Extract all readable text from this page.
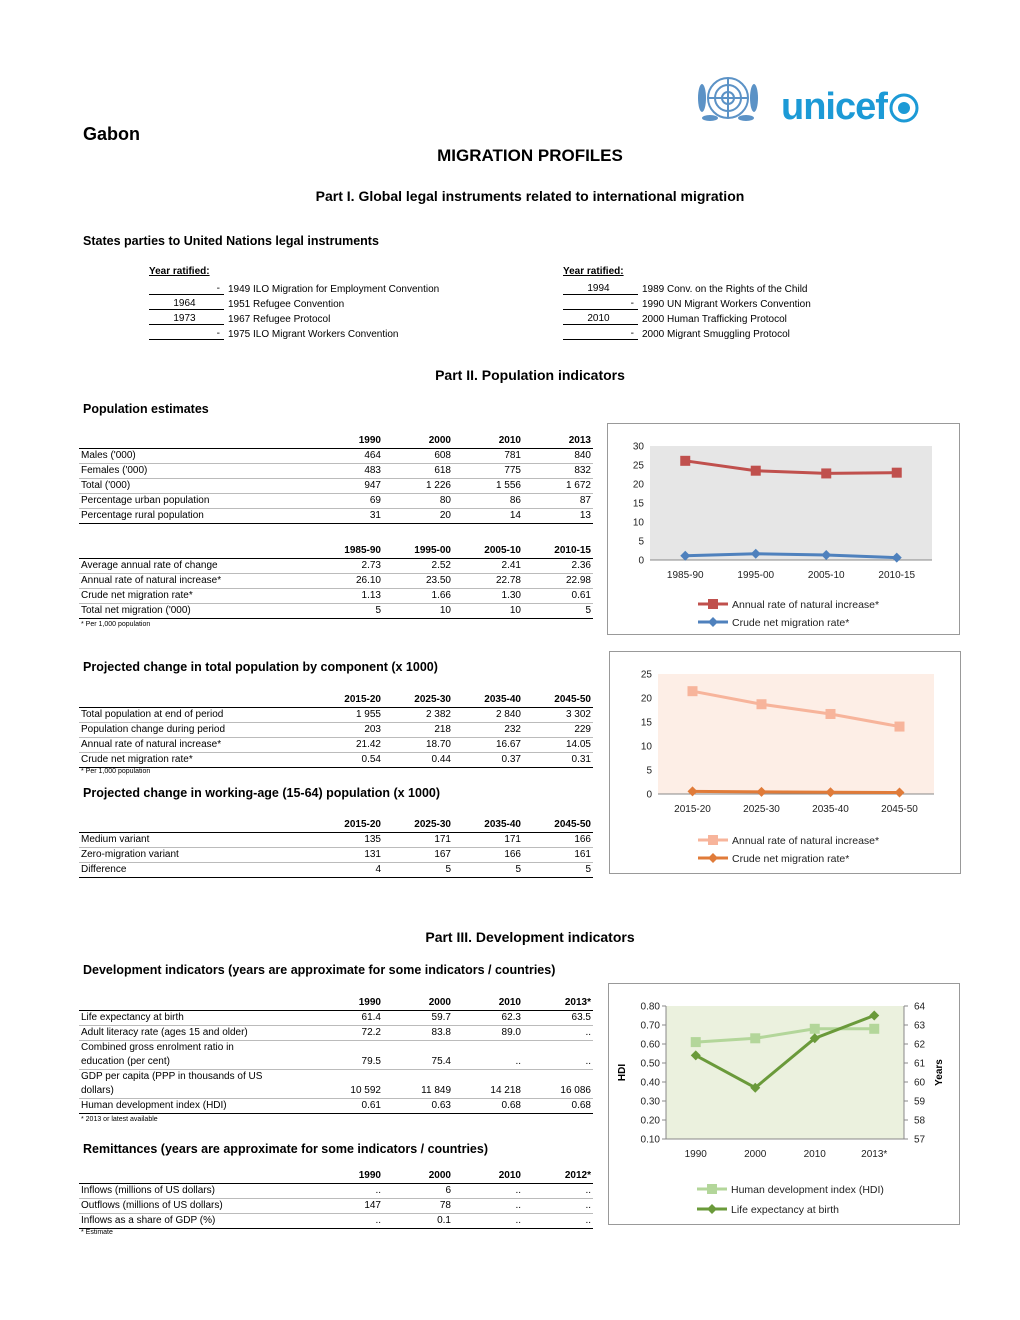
unicef
Gabon
MIGRATION PROFILES
Part I. Global legal instruments related to international migration
States parties to United Nations legal instruments
Year ratified:
- 1949 ILO Migration for Employment Convention
1964	1951 Refugee Convention
1973	1967 Refugee Protocol
- 1975 ILO Migrant Workers Convention
Year ratified:
1994	1989 Conv. on the Rights of the Child
- 1990 UN Migrant Workers Convention
2010	2000 Human Trafficking Protocol
- 2000 Migrant Smuggling Protocol
Part II. Population indicators
Population estimates
	1990	2000	2010	2013
Males ('000)	464	608	781	840
Females ('000)	483	618	775	832
Total ('000)	947	1 226	1 556	1 672
Percentage urban population	69	80	86	87
Percentage rural population	31	20	14	13
	1985-90	1995-00	2005-10	2010-15
Average annual rate of change	2.73	2.52	2.41	2.36
Annual rate of natural increase*	26.10	23.50	22.78	22.98
Crude net migration rate*	1.13	1.66	1.30	0.61
Total net migration ('000)	5	10	10	5
* Per 1,000 population
0
5
10
15
20
25
30
1985-90	1995-00	2005-10	2010-15
Annual rate of natural increase*
Crude net migration rate*
Projected change in total population by component (x 1000)
	2015-20	2025-30	2035-40	2045-50
Total population at end of period	1 955	2 382	2 840	3 302
Population change during period	203	218	232	229
Annual rate of natural increase*	21.42	18.70	16.67	14.05
Crude net migration rate*	0.54	0.44	0.37	0.31
* Per 1,000 population
Projected change in working-age (15-64) population (x 1000)
	2015-20	2025-30	2035-40	2045-50
Medium variant	135	171	171	166
Zero-migration variant	131	167	166	161
Difference	4	5	5	5
0
5
10
15
20
25
2015-20	2025-30	2035-40	2045-50
Annual rate of natural increase*
Crude net migration rate*
Part III. Development indicators
Development indicators (years are approximate for some indicators / countries)
	1990	2000	2010	2013*
Life expectancy at birth	61.4	59.7	62.3	63.5
Adult literacy rate (ages 15 and older)	72.2	83.8	89.0	..

Combined gross enrolment ratio in
education (per cent)	79.5	75.4	..	..

GDP per capita (PPP in thousands of US
dollars)	10 592	11 849	14 218	16 086
Human development index (HDI)	0.61	0.63	0.68	0.68
* 2013 or latest available
Remittances (years are approximate for some indicators / countries)
	1990	2000	2010	2012*
Inflows (millions of US dollars)	..	6	..	..
Outflows (millions of US dollars)	147	78	..	..
Inflows as a share of GDP (%)	..	0.1	..	..
* Estimate
0.10
0.20
0.30
0.40
0.50
0.60
0.70
0.80
57
58
59
60
61
62
63
64
HDI	Years
1990	2000	2010	2013*
Human development index (HDI)
Life expectancy at birth
